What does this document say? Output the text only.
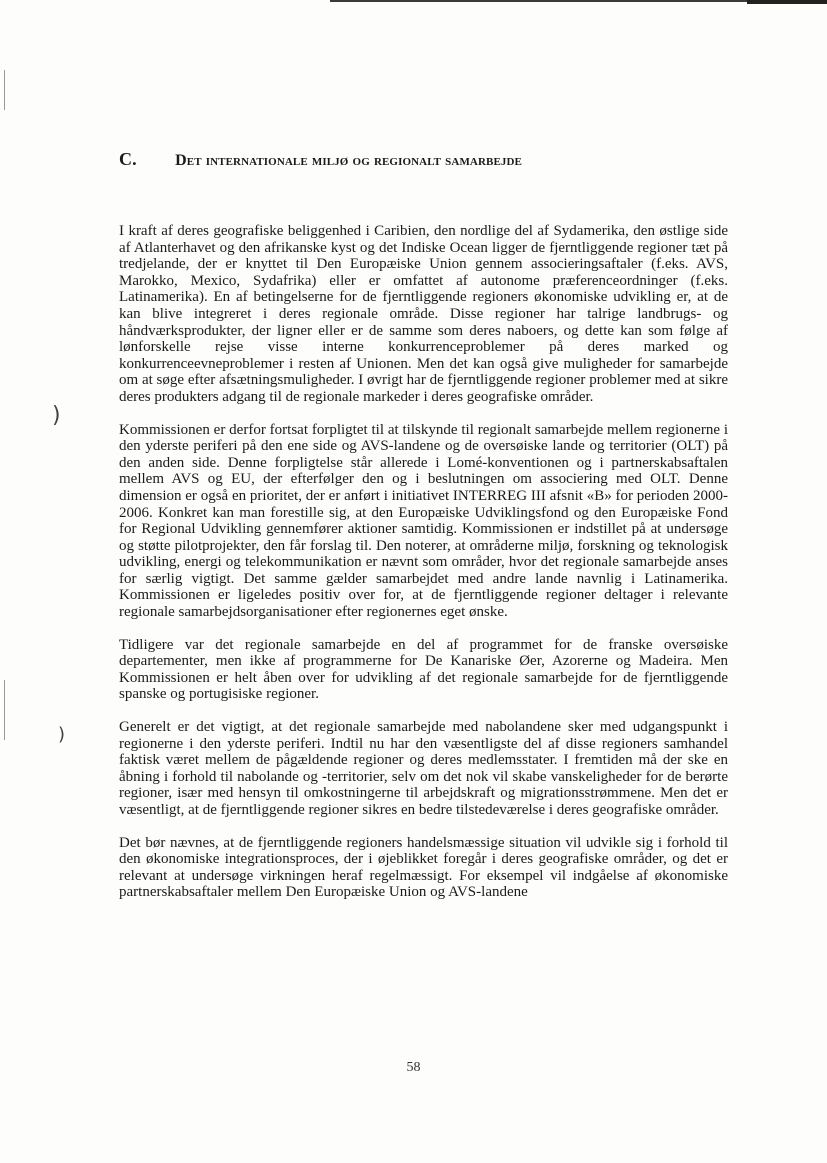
)
)
C. Det internationale miljø og regionalt samarbejde

I kraft af deres geografiske beliggenhed i Caribien, den nordlige del af Sydamerika, den østlige side af Atlanterhavet og den afrikanske kyst og det Indiske Ocean ligger de fjerntliggende regioner tæt på tredjelande, der er knyttet til Den Europæiske Union gennem associeringsaftaler (f.eks. AVS, Marokko, Mexico, Sydafrika) eller er omfattet af autonome præferenceordninger (f.eks. Latinamerika). En af betingelserne for de fjerntliggende regioners økonomiske udvikling er, at de kan blive integreret i deres regionale område. Disse regioner har talrige landbrugs- og håndværksprodukter, der ligner eller er de samme som deres naboers, og dette kan som følge af lønforskelle rejse visse interne konkurrenceproblemer på deres marked og konkurrenceevneproblemer i resten af Unionen. Men det kan også give muligheder for samarbejde om at søge efter afsætningsmuligheder. I øvrigt har de fjerntliggende regioner problemer med at sikre deres produkters adgang til de regionale markeder i deres geografiske områder.

Kommissionen er derfor fortsat forpligtet til at tilskynde til regionalt samarbejde mellem regionerne i den yderste periferi på den ene side og AVS-landene og de oversøiske lande og territorier (OLT) på den anden side. Denne forpligtelse står allerede i Lomé-konventionen og i partnerskabsaftalen mellem AVS og EU, der efterfølger den og i beslutningen om associering med OLT. Denne dimension er også en prioritet, der er anført i initiativet INTERREG III afsnit «B» for perioden 2000-2006. Konkret kan man forestille sig, at den Europæiske Udviklingsfond og den Europæiske Fond for Regional Udvikling gennemfører aktioner samtidig. Kommissionen er indstillet på at undersøge og støtte pilotprojekter, den får forslag til. Den noterer, at områderne miljø, forskning og teknologisk udvikling, energi og telekommunikation er nævnt som områder, hvor det regionale samarbejde anses for særlig vigtigt. Det samme gælder samarbejdet med andre lande navnlig i Latinamerika. Kommissionen er ligeledes positiv over for, at de fjerntliggende regioner deltager i relevante regionale samarbejdsorganisationer efter regionernes eget ønske.

Tidligere var det regionale samarbejde en del af programmet for de franske oversøiske departementer, men ikke af programmerne for De Kanariske Øer, Azorerne og Madeira. Men Kommissionen er helt åben over for udvikling af det regionale samarbejde for de fjerntliggende spanske og portugisiske regioner.

Generelt er det vigtigt, at det regionale samarbejde med nabolandene sker med udgangspunkt i regionerne i den yderste periferi. Indtil nu har den væsentligste del af disse regioners samhandel faktisk været mellem de pågældende regioner og deres medlemsstater. I fremtiden må der ske en åbning i forhold til nabolande og -territorier, selv om det nok vil skabe vanskeligheder for de berørte regioner, især med hensyn til omkostningerne til arbejdskraft og migrationsstrømmene. Men det er væsentligt, at de fjerntliggende regioner sikres en bedre tilstedeværelse i deres geografiske områder.

Det bør nævnes, at de fjerntliggende regioners handelsmæssige situation vil udvikle sig i forhold til den økonomiske integrationsproces, der i øjeblikket foregår i deres geografiske områder, og det er relevant at undersøge virkningen heraf regelmæssigt. For eksempel vil indgåelse af økonomiske partnerskabsaftaler mellem Den Europæiske Union og AVS-landene

58
